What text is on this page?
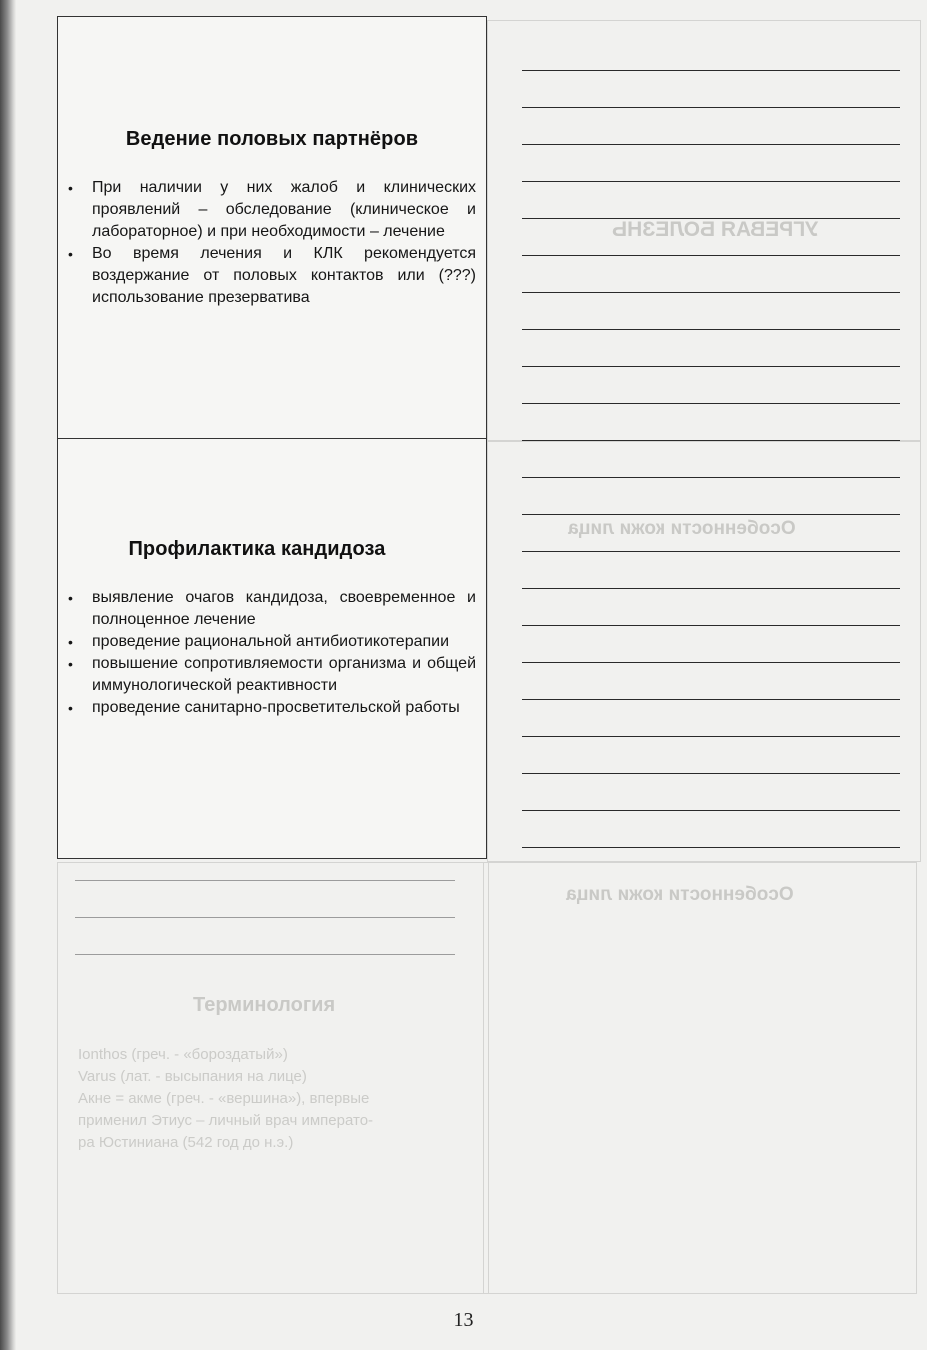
УГРЕВАЯ БОЛЕЗНЬ
Особенности кожи лица
Особенности кожи лица
Терминология
Ionthos (греч. - «бороздатый»)
Varus (лат. - высыпания на лице)
Акне = акме (греч. - «вершина»), впервые
применил Этиус – личный врач императо-
ра Юстиниана (542 год до н.э.)
Ведение половых партнёров
• При наличии у них жалоб и клинических проявлений – обследование (клиническое и лабораторное) и при необходимости – лечение
• Во время лечения и КЛК рекомендуется воздержание от половых контактов или (???) использование презерватива
Профилактика кандидоза
• выявление очагов кандидоза, своевременное и полноценное лечение
• проведение рациональной антибиотикотерапии
• повышение сопротивляемости организма и общей иммунологической реактивности
• проведение санитарно-просветительской работы
13
